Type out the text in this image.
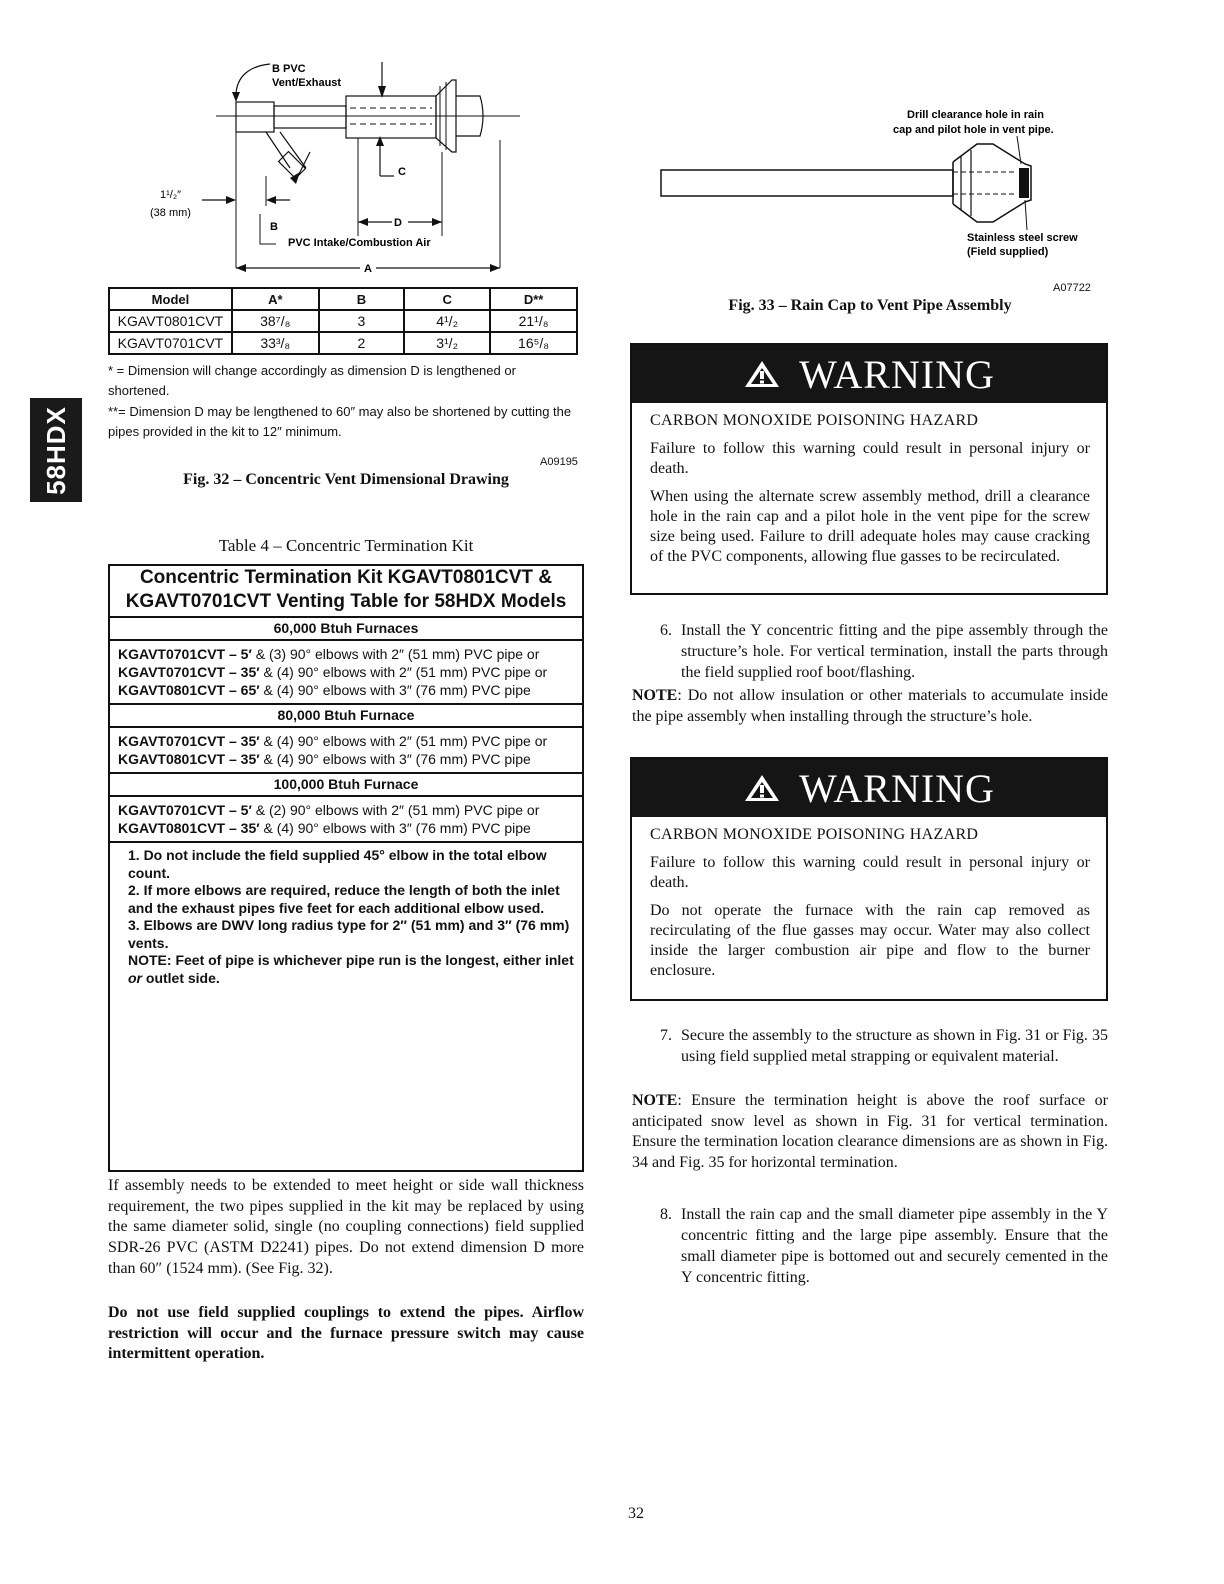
58HDX
B PVC
Vent/Exhaust
C
1¹/₂″
(38 mm)
B	D
PVC Intake/Combustion Air
A
Model	A*	B	C	D**
KGAVT0801CVT	38⁷/₈	3	4¹/₂	21¹/₈
KGAVT0701CVT	33³/₈	2	3¹/₂	16⁵/₈
* = Dimension will change accordingly as dimension D is lengthened or shortened.
**= Dimension D may be lengthened to 60″ may also be shortened by cutting the pipes provided in the kit to 12″ minimum.
A09195
Fig. 32 – Concentric Vent Dimensional Drawing
Table 4 – Concentric Termination Kit
Concentric Termination Kit KGAVT0801CVT & KGAVT0701CVT Venting Table for 58HDX Models
60,000 Btuh Furnaces
KGAVT0701CVT – 5′ & (3) 90° elbows with 2″ (51 mm) PVC pipe or
KGAVT0701CVT – 35′ & (4) 90° elbows with 2″ (51 mm) PVC pipe or
KGAVT0801CVT – 65′ & (4) 90° elbows with 3″ (76 mm) PVC pipe
80,000 Btuh Furnace
KGAVT0701CVT – 35′ & (4) 90° elbows with 2″ (51 mm) PVC pipe or
KGAVT0801CVT – 35′ & (4) 90° elbows with 3″ (76 mm) PVC pipe
100,000 Btuh Furnace
KGAVT0701CVT – 5′ & (2) 90° elbows with 2″ (51 mm) PVC pipe or
KGAVT0801CVT – 35′ & (4) 90° elbows with 3″ (76 mm) PVC pipe
1. Do not include the field supplied 45° elbow in the total elbow count.
2. If more elbows are required, reduce the length of both the inlet and the exhaust pipes five feet for each additional elbow used.
3. Elbows are DWV long radius type for 2″ (51 mm) and 3″ (76 mm) vents.
NOTE: Feet of pipe is whichever pipe run is the longest, either inlet or outlet side.
If assembly needs to be extended to meet height or side wall thickness requirement, the two pipes supplied in the kit may be replaced by using the same diameter solid, single (no coupling connections) field supplied SDR-26 PVC (ASTM D2241) pipes. Do not extend dimension D more than 60″ (1524 mm). (See Fig. 32).
Do not use field supplied couplings to extend the pipes. Airflow restriction will occur and the furnace pressure switch may cause intermittent operation.
Drill clearance hole in rain
cap and pilot hole in vent pipe.
Stainless steel screw
(Field supplied)
A07722
Fig. 33 – Rain Cap to Vent Pipe Assembly
WARNING
CARBON MONOXIDE POISONING HAZARD

Failure to follow this warning could result in personal injury or death.

When using the alternate screw assembly method, drill a clearance hole in the rain cap and a pilot hole in the vent pipe for the screw size being used. Failure to drill adequate holes may cause cracking of the PVC components, allowing flue gasses to be recirculated.

6. Install the Y concentric fitting and the pipe assembly through the structure’s hole. For vertical termination, install the parts through the field supplied roof boot/flashing.
NOTE: Do not allow insulation or other materials to accumulate inside the pipe assembly when installing through the structure’s hole.
WARNING
CARBON MONOXIDE POISONING HAZARD

Failure to follow this warning could result in personal injury or death.

Do not operate the furnace with the rain cap removed as recirculating of the flue gasses may occur. Water may also collect inside the larger combustion air pipe and flow to the burner enclosure.

7. Secure the assembly to the structure as shown in Fig. 31 or Fig. 35 using field supplied metal strapping or equivalent material.
NOTE: Ensure the termination height is above the roof surface or anticipated snow level as shown in Fig. 31 for vertical termination. Ensure the termination location clearance dimensions are as shown in Fig. 34 and Fig. 35 for horizontal termination.
8. Install the rain cap and the small diameter pipe assembly in the Y concentric fitting and the large pipe assembly. Ensure that the small diameter pipe is bottomed out and securely cemented in the Y concentric fitting.
32
